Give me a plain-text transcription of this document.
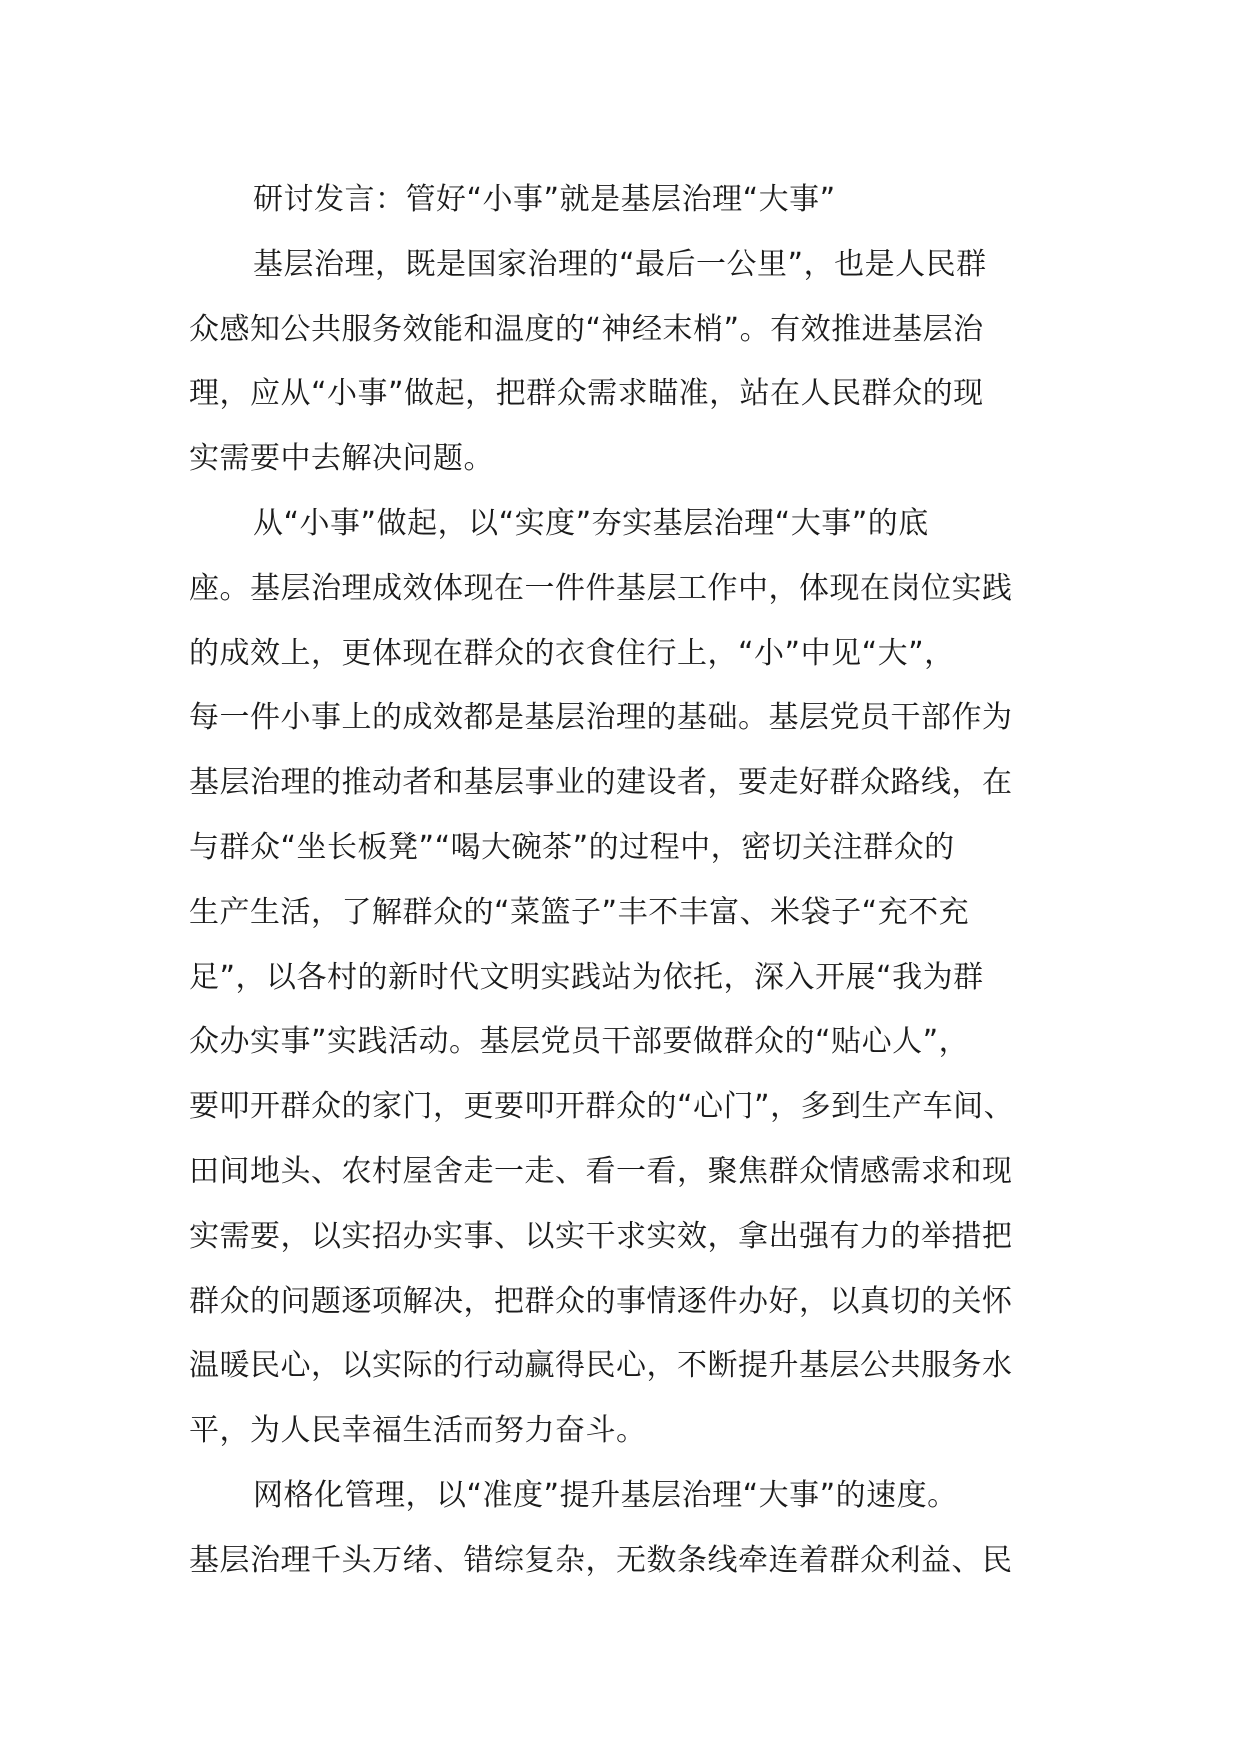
研讨发言：管好“小事”就是基层治理“大事”
基层治理，既是国家治理的“最后一公里”，也是人民群
众感知公共服务效能和温度的“神经末梢”。有效推进基层治
理，应从“小事”做起，把群众需求瞄准，站在人民群众的现
实需要中去解决问题。
从“小事”做起，以“实度”夯实基层治理“大事”的底
座。基层治理成效体现在一件件基层工作中，体现在岗位实践
的成效上，更体现在群众的衣食住行上，“小”中见“大”，
每一件小事上的成效都是基层治理的基础。基层党员干部作为
基层治理的推动者和基层事业的建设者，要走好群众路线，在
与群众“坐长板凳”“喝大碗茶”的过程中，密切关注群众的
生产生活，了解群众的“菜篮子”丰不丰富、米袋子“充不充
足”，以各村的新时代文明实践站为依托，深入开展“我为群
众办实事”实践活动。基层党员干部要做群众的“贴心人”，
要叩开群众的家门，更要叩开群众的“心门”，多到生产车间、
田间地头、农村屋舍走一走、看一看，聚焦群众情感需求和现
实需要，以实招办实事、以实干求实效，拿出强有力的举措把
群众的问题逐项解决，把群众的事情逐件办好，以真切的关怀
温暖民心，以实际的行动赢得民心，不断提升基层公共服务水
平，为人民幸福生活而努力奋斗。
网格化管理，以“准度”提升基层治理“大事”的速度。
基层治理千头万绪、错综复杂，无数条线牵连着群众利益、民
